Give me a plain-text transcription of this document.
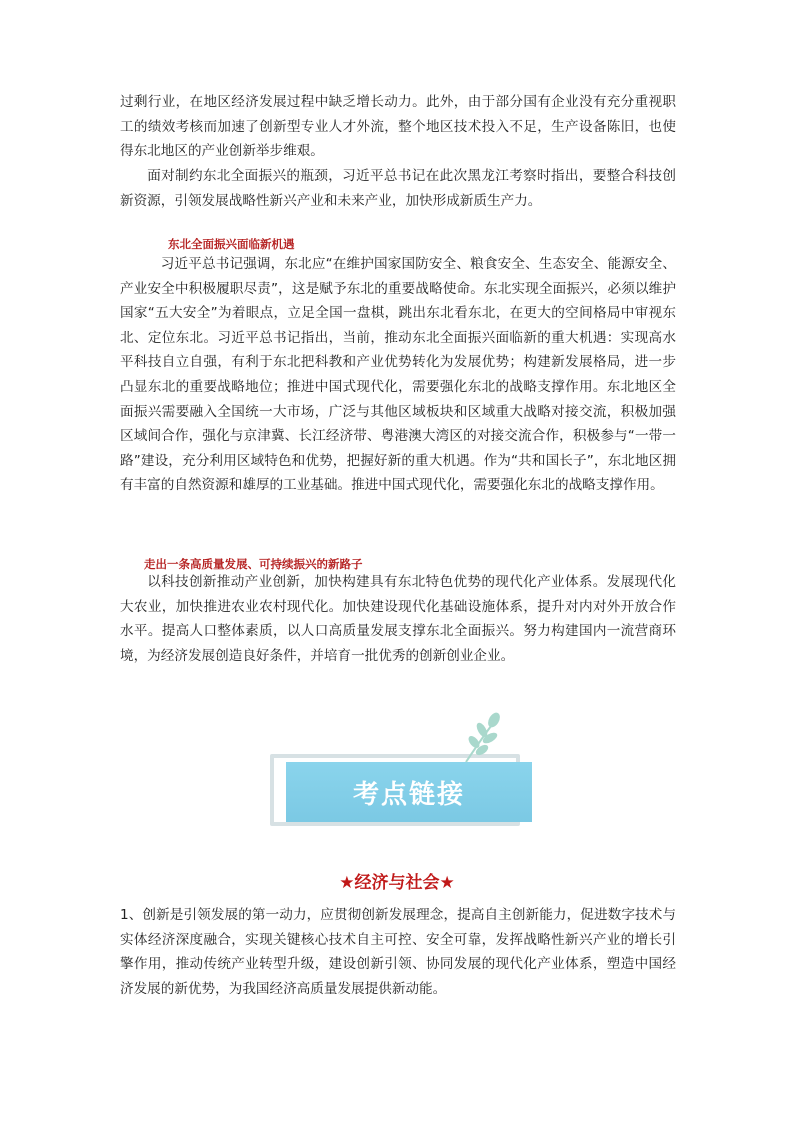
过剩行业，在地区经济发展过程中缺乏增长动力。此外，由于部分国有企业没有充分重视职工的绩效考核而加速了创新型专业人才外流，整个地区技术投入不足，生产设备陈旧，也使得东北地区的产业创新举步维艰。

面对制约东北全面振兴的瓶颈，习近平总书记在此次黑龙江考察时指出，要整合科技创新资源，引领发展战略性新兴产业和未来产业，加快形成新质生产力。

东北全面振兴面临新机遇

习近平总书记强调，东北应“在维护国家国防安全、粮食安全、生态安全、能源安全、产业安全中积极履职尽责”，这是赋予东北的重要战略使命。东北实现全面振兴，必须以维护国家“五大安全”为着眼点，立足全国一盘棋，跳出东北看东北，在更大的空间格局中审视东北、定位东北。习近平总书记指出，当前，推动东北全面振兴面临新的重大机遇：实现高水平科技自立自强，有利于东北把科教和产业优势转化为发展优势；构建新发展格局，进一步凸显东北的重要战略地位；推进中国式现代化，需要强化东北的战略支撑作用。东北地区全面振兴需要融入全国统一大市场，广泛与其他区域板块和区域重大战略对接交流，积极加强区域间合作，强化与京津冀、长江经济带、粤港澳大湾区的对接交流合作，积极参与“一带一路”建设，充分利用区域特色和优势，把握好新的重大机遇。作为“共和国长子”，东北地区拥有丰富的自然资源和雄厚的工业基础。推进中国式现代化，需要强化东北的战略支撑作用。

走出一条高质量发展、可持续振兴的新路子

以科技创新推动产业创新，加快构建具有东北特色优势的现代化产业体系。发展现代化大农业，加快推进农业农村现代化。加快建设现代化基础设施体系，提升对内对外开放合作水平。提高人口整体素质，以人口高质量发展支撑东北全面振兴。努力构建国内一流营商环境，为经济发展创造良好条件，并培育一批优秀的创新创业企业。

1、创新是引领发展的第一动力，应贯彻创新发展理念，提高自主创新能力，促进数字技术与实体经济深度融合，实现关键核心技术自主可控、安全可靠，发挥战略性新兴产业的增长引擎作用，推动传统产业转型升级，建设创新引领、协同发展的现代化产业体系，塑造中国经济发展的新优势，为我国经济高质量发展提供新动能。

考点链接

★经济与社会★
